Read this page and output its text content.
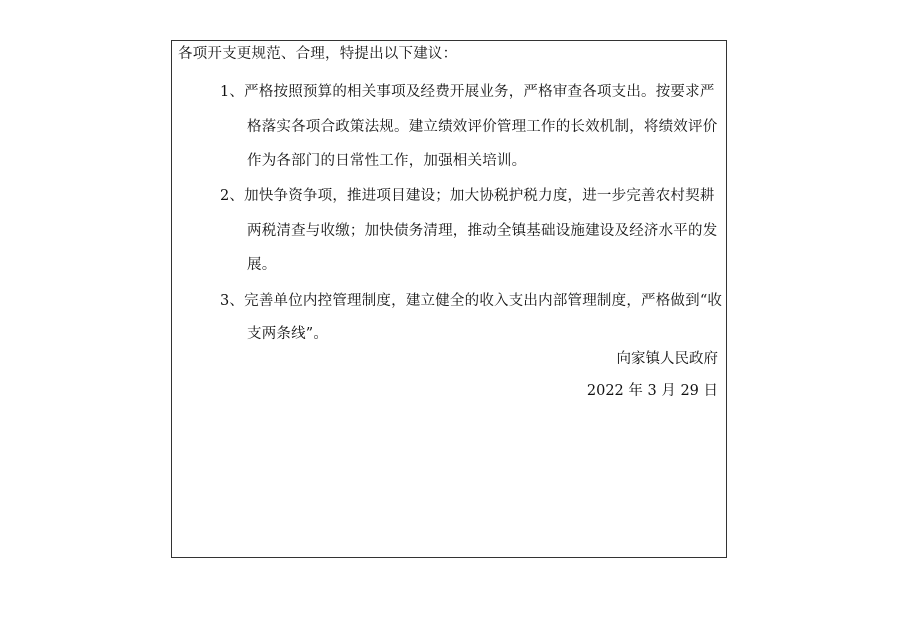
各项开支更规范、合理，特提出以下建议：
1、严格按照预算的相关事项及经费开展业务，严格审查各项支出。按要求严
格落实各项合政策法规。建立绩效评价管理工作的长效机制，将绩效评价
作为各部门的日常性工作，加强相关培训。
2、加快争资争项，推进项目建设；加大协税护税力度，进一步完善农村契耕
两税清查与收缴；加快债务清理，推动全镇基础设施建设及经济水平的发
展。
3、完善单位内控管理制度，建立健全的收入支出内部管理制度，严格做到“收
支两条线”。
向家镇人民政府
2022 年 3 月 29 日
